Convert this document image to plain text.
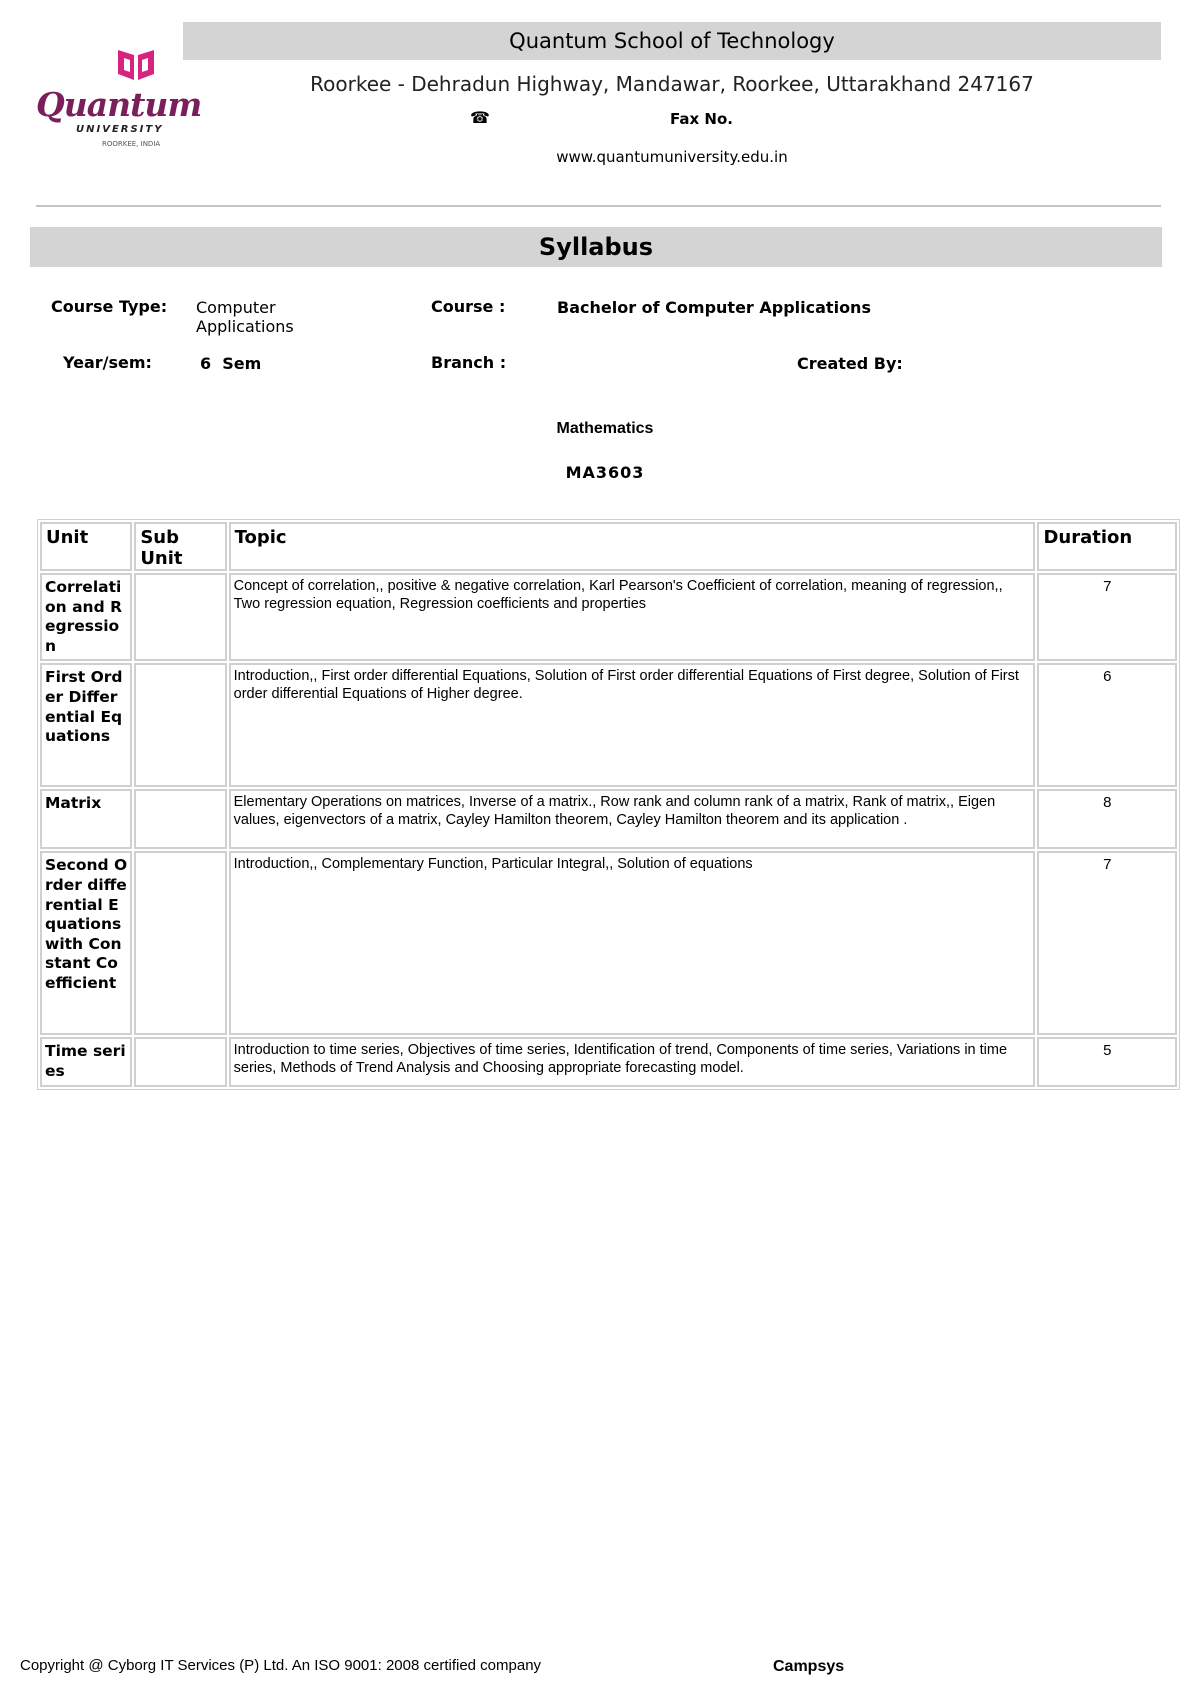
Quantum
UNIVERSITY
ROORKEE, INDIA
Quantum School of Technology
Roorkee - Dehradun Highway, Mandawar, Roorkee, Uttarakhand 247167
☎	Fax No.
www.quantumuniversity.edu.in
Syllabus
Course Type: Computer
Applications
Course :	Bachelor of Computer Applications
Year/sem:	6  Sem	Branch :	Created By:
Mathematics
MA3603
Unit	Sub Unit	Topic	Duration
Correlation and Regression		Concept of correlation,, positive & negative correlation, Karl Pearson's Coefficient of correlation, meaning of regression,, Two regression equation, Regression coefficients and properties	7
First Order Differential Equations		Introduction,, First order differential Equations, Solution of First order differential Equations of First degree, Solution of First order differential Equations of Higher degree.	6
Matrix		Elementary Operations on matrices, Inverse of a matrix., Row rank and column rank of a matrix, Rank of matrix,, Eigen values, eigenvectors of a matrix, Cayley Hamilton theorem, Cayley Hamilton theorem and its application .	8
Second Order differential Equations with Constant Coefficient		Introduction,, Complementary Function, Particular Integral,, Solution of equations	7
Time series		Introduction to time series, Objectives of time series, Identification of trend, Components of time series, Variations in time series, Methods of Trend Analysis and Choosing appropriate forecasting model.	5
Copyright @ Cyborg IT Services (P) Ltd. An ISO 9001: 2008 certified company	Campsys
